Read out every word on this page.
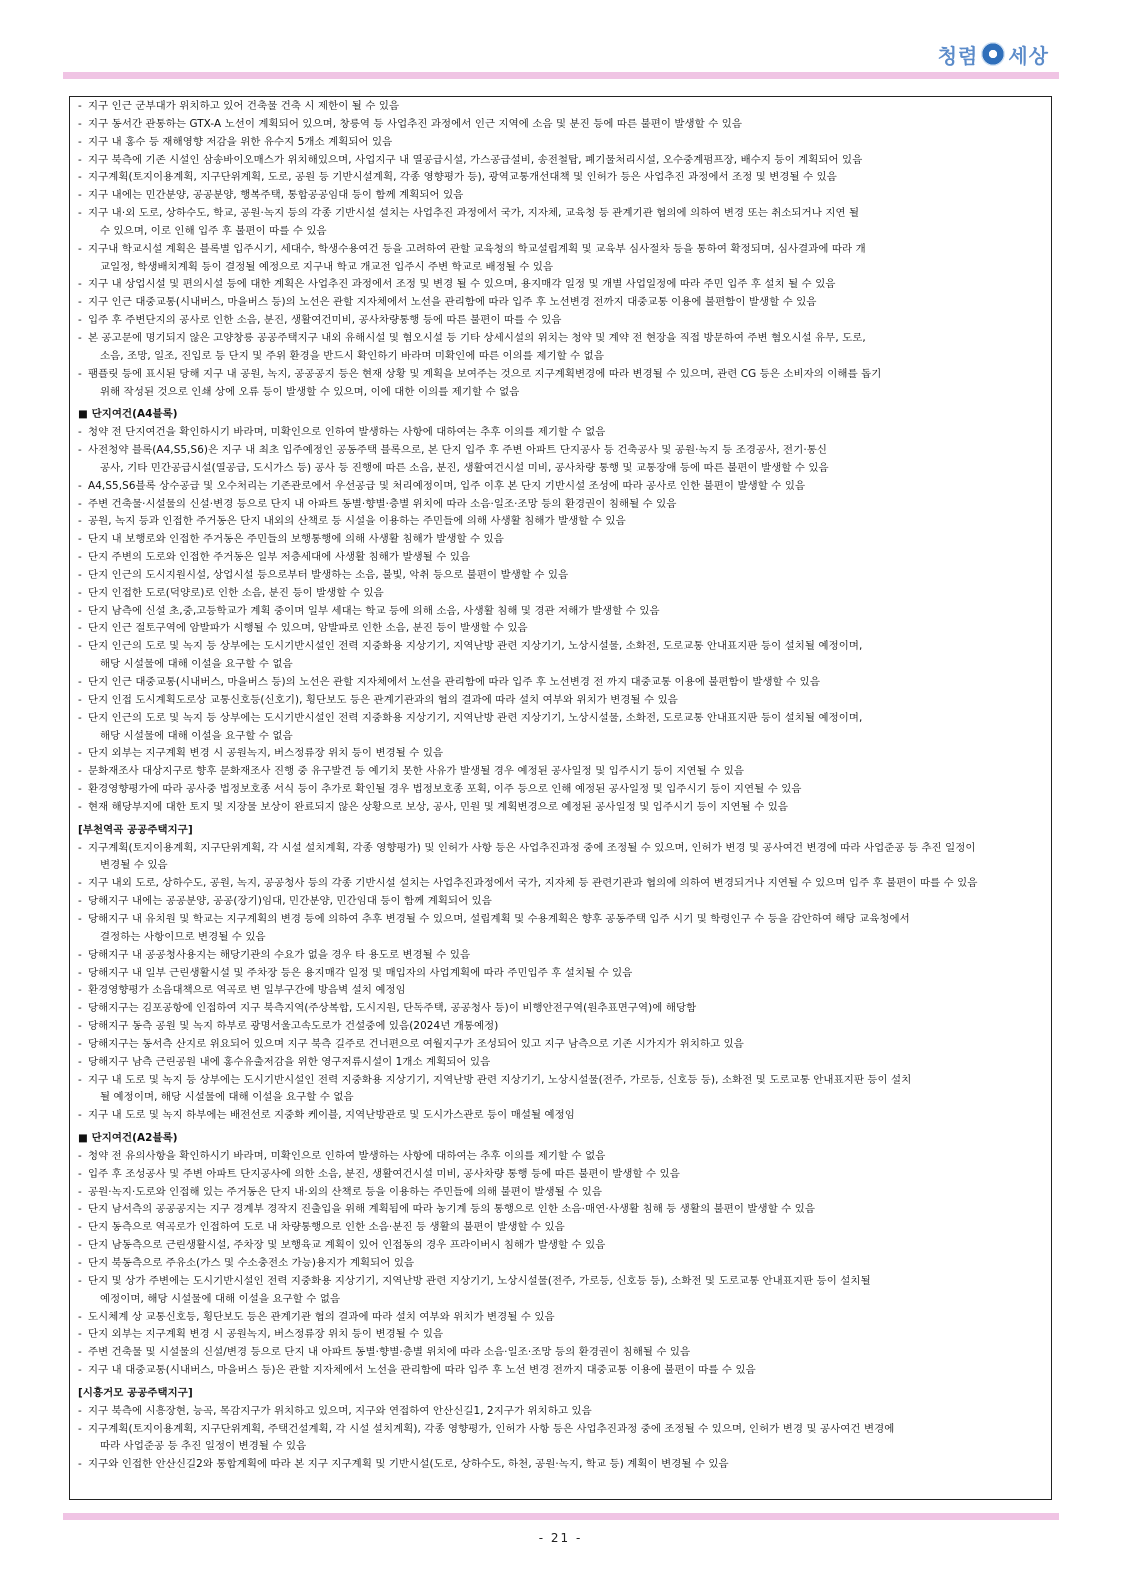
청렴 세상
- 지구 인근 군부대가 위치하고 있어 건축물 건축 시 제한이 될 수 있음
- 지구 동서간 관통하는 GTX-A 노선이 계획되어 있으며, 창릉역 등 사업추진 과정에서 인근 지역에 소음 및 분진 등에 따른 불편이 발생할 수 있음
- 지구 내 홍수 등 재해영향 저감을 위한 유수지 5개소 계획되어 있음
- 지구 북측에 기존 시설인 삼송바이오매스가 위치해있으며, 사업지구 내 열공급시설, 가스공급설비, 송전철탑, 폐기물처리시설, 오수중계펌프장, 배수지 등이 계획되어 있음
- 지구계획(토지이용계획, 지구단위계획, 도로, 공원 등 기반시설계획, 각종 영향평가 등), 광역교통개선대책 및 인허가 등은 사업추진 과정에서 조정 및 변경될 수 있음
- 지구 내에는 민간분양, 공공분양, 행복주택, 통합공공임대 등이 함께 계획되어 있음
- 지구 내·외 도로, 상하수도, 학교, 공원·녹지 등의 각종 기반시설 설치는 사업추진 과정에서 국가, 지자체, 교육청 등 관계기관 협의에 의하여 변경 또는 취소되거나 지연 될
수 있으며, 이로 인해 입주 후 불편이 따를 수 있음
- 지구내 학교시설 계획은 블록별 입주시기, 세대수, 학생수용여건 등을 고려하여 관할 교육청의 학교설립계획 및 교육부 심사절차 등을 통하여 확정되며, 심사결과에 따라 개
교일정, 학생배치계획 등이 결정될 예정으로 지구내 학교 개교전 입주시 주변 학교로 배정될 수 있음
- 지구 내 상업시설 및 편의시설 등에 대한 계획은 사업추진 과정에서 조정 및 변경 될 수 있으며, 용지매각 일정 및 개별 사업일정에 따라 주민 입주 후 설치 될 수 있음
- 지구 인근 대중교통(시내버스, 마을버스 등)의 노선은 관할 지자체에서 노선을 관리함에 따라 입주 후 노선변경 전까지 대중교통 이용에 불편함이 발생할 수 있음
- 입주 후 주변단지의 공사로 인한 소음, 분진, 생활여건미비, 공사차량통행 등에 따른 불편이 따를 수 있음
- 본 공고문에 명기되지 않은 고양창릉 공공주택지구 내외 유해시설 및 혐오시설 등 기타 상세시설의 위치는 청약 및 계약 전 현장을 직접 방문하여 주변 혐오시설 유무, 도로,
소음, 조망, 일조, 진입로 등 단지 및 주위 환경을 반드시 확인하기 바라며 미확인에 따른 이의를 제기할 수 없음
- 팸플릿 등에 표시된 당해 지구 내 공원, 녹지, 공공공지 등은 현재 상황 및 계획을 보여주는 것으로 지구계획변경에 따라 변경될 수 있으며, 관련 CG 등은 소비자의 이해를 돕기
위해 작성된 것으로 인쇄 상에 오류 등이 발생할 수 있으며, 이에 대한 이의를 제기할 수 없음
■ 단지여건(A4블록)
- 청약 전 단지여건을 확인하시기 바라며, 미확인으로 인하여 발생하는 사항에 대하여는 추후 이의를 제기할 수 없음
- 사전청약 블록(A4,S5,S6)은 지구 내 최초 입주예정인 공동주택 블록으로, 본 단지 입주 후 주변 아파트 단지공사 등 건축공사 및 공원·녹지 등 조경공사, 전기·통신
공사, 기타 민간공급시설(열공급, 도시가스 등) 공사 등 진행에 따른 소음, 분진, 생활여건시설 미비, 공사차량 통행 및 교통장애 등에 따른 불편이 발생할 수 있음
- A4,S5,S6블록 상수공급 및 오수처리는 기존관로에서 우선공급 및 처리예정이며, 입주 이후 본 단지 기반시설 조성에 따라 공사로 인한 불편이 발생할 수 있음
- 주변 건축물·시설물의 신설·변경 등으로 단지 내 아파트 동별·향별·층별 위치에 따라 소음·일조·조망 등의 환경권이 침해될 수 있음
- 공원, 녹지 등과 인접한 주거동은 단지 내외의 산책로 등 시설을 이용하는 주민들에 의해 사생활 침해가 발생할 수 있음
- 단지 내 보행로와 인접한 주거동은 주민들의 보행통행에 의해 사생활 침해가 발생할 수 있음
- 단지 주변의 도로와 인접한 주거동은 일부 저층세대에 사생활 침해가 발생될 수 있음
- 단지 인근의 도시지원시설, 상업시설 등으로부터 발생하는 소음, 불빛, 악취 등으로 불편이 발생할 수 있음
- 단지 인접한 도로(덕양로)로 인한 소음, 분진 등이 발생할 수 있음
- 단지 남측에 신설 초,중,고등학교가 계획 중이며 일부 세대는 학교 등에 의해 소음, 사생활 침해 및 경관 저해가 발생할 수 있음
- 단지 인근 절토구역에 암발파가 시행될 수 있으며, 암발파로 인한 소음, 분진 등이 발생할 수 있음
- 단지 인근의 도로 및 녹지 등 상부에는 도시기반시설인 전력 지중화용 지상기기, 지역난방 관련 지상기기, 노상시설물, 소화전, 도로교통 안내표지판 등이 설치될 예정이며,
해당 시설물에 대해 이설을 요구할 수 없음
- 단지 인근 대중교통(시내버스, 마을버스 등)의 노선은 관할 지자체에서 노선을 관리함에 따라 입주 후 노선변경 전 까지 대중교통 이용에 불편함이 발생할 수 있음
- 단지 인접 도시계획도로상 교통신호등(신호기), 횡단보도 등은 관계기관과의 협의 결과에 따라 설치 여부와 위치가 변경될 수 있음
- 단지 인근의 도로 및 녹지 등 상부에는 도시기반시설인 전력 지중화용 지상기기, 지역난방 관련 지상기기, 노상시설물, 소화전, 도로교통 안내표지판 등이 설치될 예정이며,
해당 시설물에 대해 이설을 요구할 수 없음
- 단지 외부는 지구계획 변경 시 공원녹지, 버스정류장 위치 등이 변경될 수 있음
- 문화재조사 대상지구로 향후 문화재조사 진행 중 유구발견 등 예기치 못한 사유가 발생될 경우 예정된 공사일정 및 입주시기 등이 지연될 수 있음
- 환경영향평가에 따라 공사중 법정보호종 서식 등이 추가로 확인될 경우 법정보호종 포획, 이주 등으로 인해 예정된 공사일정 및 입주시기 등이 지연될 수 있음
- 현재 해당부지에 대한 토지 및 지장물 보상이 완료되지 않은 상황으로 보상, 공사, 민원 및 계획변경으로 예정된 공사일정 및 입주시기 등이 지연될 수 있음
[부천역곡 공공주택지구]
- 지구계획(토지이용계획, 지구단위계획, 각 시설 설치계획, 각종 영향평가) 및 인허가 사항 등은 사업추진과정 중에 조정될 수 있으며, 인허가 변경 및 공사여건 변경에 따라 사업준공 등 추진 일정이
변경될 수 있음
- 지구 내외 도로, 상하수도, 공원, 녹지, 공공청사 등의 각종 기반시설 설치는 사업추진과정에서 국가, 지자체 등 관련기관과 협의에 의하여 변경되거나 지연될 수 있으며 입주 후 불편이 따를 수 있음
- 당해지구 내에는 공공분양, 공공(장기)임대, 민간분양, 민간임대 등이 함께 계획되어 있음
- 당해지구 내 유치원 및 학교는 지구계획의 변경 등에 의하여 추후 변경될 수 있으며, 설립계획 및 수용계획은 향후 공동주택 입주 시기 및 학령인구 수 등을 감안하여 해당 교육청에서
결정하는 사항이므로 변경될 수 있음
- 당해지구 내 공공청사용지는 해당기관의 수요가 없을 경우 타 용도로 변경될 수 있음
- 당해지구 내 일부 근린생활시설 및 주차장 등은 용지매각 일정 및 매입자의 사업계획에 따라 주민입주 후 설치될 수 있음
- 환경영향평가 소음대책으로 역곡로 변 일부구간에 방음벽 설치 예정임
- 당해지구는 김포공항에 인접하여 지구 북측지역(주상복합, 도시지원, 단독주택, 공공청사 등)이 비행안전구역(원추표면구역)에 해당함
- 당해지구 동측 공원 및 녹지 하부로 광명서울고속도로가 건설중에 있음(2024년 개통예정)
- 당해지구는 동서측 산지로 위요되어 있으며 지구 북측 길주로 건너편으로 여월지구가 조성되어 있고 지구 남측으로 기존 시가지가 위치하고 있음
- 당해지구 남측 근린공원 내에 홍수유출저감을 위한 영구저류시설이 1개소 계획되어 있음
- 지구 내 도로 및 녹지 등 상부에는 도시기반시설인 전력 지중화용 지상기기, 지역난방 관련 지상기기, 노상시설물(전주, 가로등, 신호등 등), 소화전 및 도로교통 안내표지판 등이 설치
될 예정이며, 해당 시설물에 대해 이설을 요구할 수 없음
- 지구 내 도로 및 녹지 하부에는 배전선로 지중화 케이블, 지역난방관로 및 도시가스관로 등이 매설될 예정임
■ 단지여건(A2블록)
- 청약 전 유의사항을 확인하시기 바라며, 미확인으로 인하여 발생하는 사항에 대하여는 추후 이의를 제기할 수 없음
- 입주 후 조성공사 및 주변 아파트 단지공사에 의한 소음, 분진, 생활여건시설 미비, 공사차량 통행 등에 따른 불편이 발생할 수 있음
- 공원·녹지·도로와 인접해 있는 주거동은 단지 내·외의 산책로 등을 이용하는 주민들에 의해 불편이 발생될 수 있음
- 단지 남서측의 공공공지는 지구 경계부 경작지 진출입을 위해 계획됨에 따라 농기계 등의 통행으로 인한 소음·매연·사생활 침해 등 생활의 불편이 발생할 수 있음
- 단지 동측으로 역곡로가 인접하여 도로 내 차량통행으로 인한 소음·분진 등 생활의 불편이 발생할 수 있음
- 단지 남동측으로 근린생활시설, 주차장 및 보행육교 계획이 있어 인접동의 경우 프라이버시 침해가 발생할 수 있음
- 단지 북동측으로 주유소(가스 및 수소충전소 가능)용지가 계획되어 있음
- 단지 및 상가 주변에는 도시기반시설인 전력 지중화용 지상기기, 지역난방 관련 지상기기, 노상시설물(전주, 가로등, 신호등 등), 소화전 및 도로교통 안내표지판 등이 설치될
예정이며, 해당 시설물에 대해 이설을 요구할 수 없음
- 도시체계 상 교통신호등, 횡단보도 등은 관계기관 협의 결과에 따라 설치 여부와 위치가 변경될 수 있음
- 단지 외부는 지구계획 변경 시 공원녹지, 버스정류장 위치 등이 변경될 수 있음
- 주변 건축물 및 시설물의 신설/변경 등으로 단지 내 아파트 동별·향별·층별 위치에 따라 소음·일조·조망 등의 환경권이 침해될 수 있음
- 지구 내 대중교통(시내버스, 마을버스 등)은 관할 지자체에서 노선을 관리함에 따라 입주 후 노선 변경 전까지 대중교통 이용에 불편이 따를 수 있음
[시흥거모 공공주택지구]
- 지구 북측에 시흥장현, 능곡, 목감지구가 위치하고 있으며, 지구와 연접하여 안산신길1, 2지구가 위치하고 있음
- 지구계획(토지이용계획, 지구단위계획, 주택건설계획, 각 시설 설치계획), 각종 영향평가, 인허가 사항 등은 사업추진과정 중에 조정될 수 있으며, 인허가 변경 및 공사여건 변경에
따라 사업준공 등 추진 일정이 변경될 수 있음
- 지구와 인접한 안산신길2와 통합계획에 따라 본 지구 지구계획 및 기반시설(도로, 상하수도, 하천, 공원·녹지, 학교 등) 계획이 변경될 수 있음
- 21 -
